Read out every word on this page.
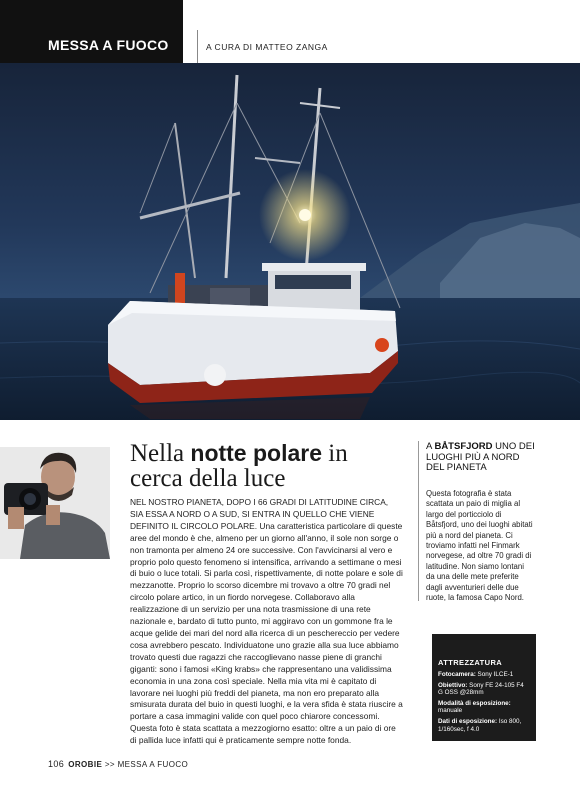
MESSA A FUOCO	A CURA DI MATTEO ZANGA
Nella notte polare in cerca della luce
NEL NOSTRO PIANETA, DOPO I 66 GRADI DI LATITUDINE CIRCA, SIA ESSA A NORD O A SUD, SI ENTRA IN QUELLO CHE VIENE DEFINITO IL CIRCOLO POLARE. Una caratteristica particolare di queste aree del mondo è che, almeno per un giorno all'anno, il sole non sorge o non tramonta per almeno 24 ore successive. Con l'avvicinarsi al vero e proprio polo questo fenomeno si intensifica, arrivando a settimane o mesi di buio o luce totali. Si parla così, rispettivamente, di notte polare e sole di mezzanotte. Proprio lo scorso dicembre mi trovavo a oltre 70 gradi nel circolo polare artico, in un fiordo norvegese. Collaboravo alla realizzazione di un servizio per una nota trasmissione di una rete nazionale e, bardato di tutto punto, mi aggiravo con un gommone fra le acque gelide dei mari del nord alla ricerca di un peschereccio per vedere cosa avrebbero pescato. Individuatone uno grazie alla sua luce abbiamo trovato questi due ragazzi che raccoglievano nasse piene di granchi giganti: sono i famosi «King krabs» che rappresentano una validissima economia in una zona così speciale. Nella mia vita mi è capitato di lavorare nei luoghi più freddi del pianeta, ma non ero preparato alla smisurata durata del buio in questi luoghi, e la vera sfida è stata riuscire a portare a casa immagini valide con quel poco chiarore concessomi. Questa foto è stata scattata a mezzogiorno esatto: oltre a un paio di ore di pallida luce infatti qui è praticamente sempre notte fonda.
A BÅTSFJORD UNO DEI LUOGHI PIÙ A NORD DEL PIANETA
Questa fotografia è stata scattata un paio di miglia al largo del porticciolo di Båtsfjord, uno dei luoghi abitati più a nord del pianeta. Ci troviamo infatti nel Finmark norvegese, ad oltre 70 gradi di latitudine. Non siamo lontani da una delle mete preferite dagli avventurieri delle due ruote, la famosa Capo Nord.
ATTREZZATURA
Fotocamera: Sony ILCE-1
Obiettivo: Sony FE 24-105 F4 G OSS @28mm
Modalità di esposizione: manuale
Dati di esposizione: Iso 800, 1/160sec, f 4.0
106 OROBIE >> MESSA A FUOCO
